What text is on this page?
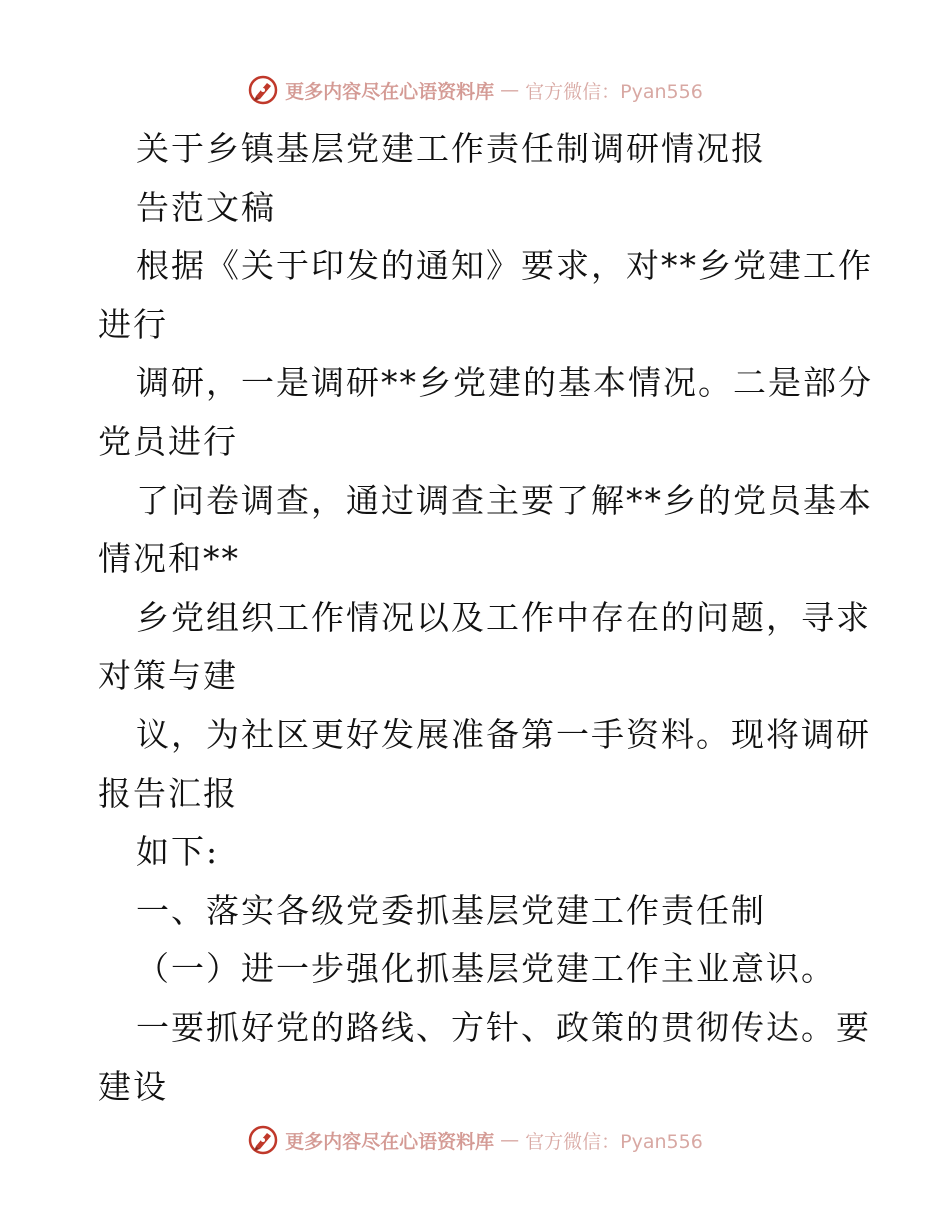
更多内容尽在心语资料库 — 官方微信：Pyan556
关于乡镇基层党建工作责任制调研情况报
告范文稿
根据《关于印发的通知》要求，对**乡党建工作
进行
调研，一是调研**乡党建的基本情况。二是部分
党员进行
了问卷调查，通过调查主要了解**乡的党员基本
情况和**
乡党组织工作情况以及工作中存在的问题，寻求
对策与建
议，为社区更好发展准备第一手资料。现将调研
报告汇报
如下:
一、落实各级党委抓基层党建工作责任制
（一）进一步强化抓基层党建工作主业意识。
一要抓好党的路线、方针、政策的贯彻传达。要
建设
更多内容尽在心语资料库 — 官方微信：Pyan556
